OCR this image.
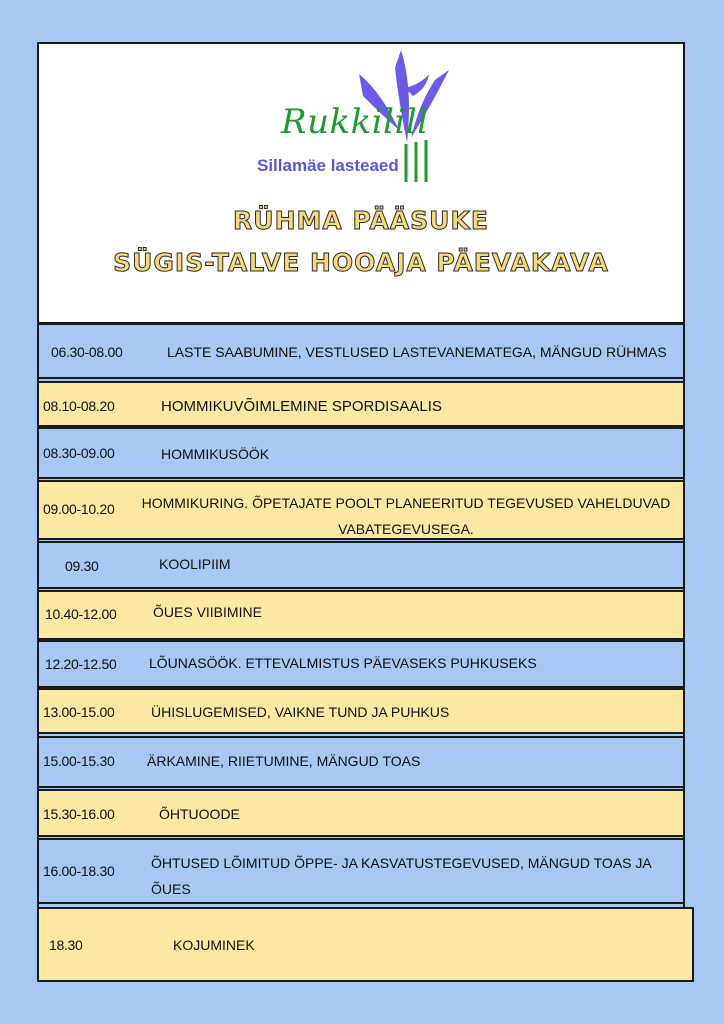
Rukkilill
Sillamäe lasteaed
RÜHMA PÄÄSUKE
SÜGIS-TALVE HOOAJA PÄEVAKAVA
06.30-08.00	LASTE SAABUMINE, VESTLUSED LASTEVANEMATEGA, MÄNGUD RÜHMAS
08.10-08.20	HOMMIKUVÕIMLEMINE SPORDISAALIS
08.30-09.00	HOMMIKUSÖÖK
09.00-10.20 HOMMIKURING. ÕPETAJATE POOLT PLANEERITUD TEGEVUSED VAHELDUVAD VABATEGEVUSEGA.
09.30	KOOLIPIIM
10.40-12.00	ÕUES VIIBIMINE
12.20-12.50 LÕUNASÖÖK. ETTEVALMISTUS PÄEVASEKS PUHKUSEKS
13.00-15.00	ÜHISLUGEMISED, VAIKNE TUND JA PUHKUS
15.00-15.30 ÄRKAMINE, RIIETUMINE, MÄNGUD TOAS
15.30-16.00	ÕHTUOODE
16.00-18.30	ÕHTUSED LÕIMITUD ÕPPE- JA KASVATUSTEGEVUSED, MÄNGUD TOAS JA ÕUES
18.30	KOJUMINEK
